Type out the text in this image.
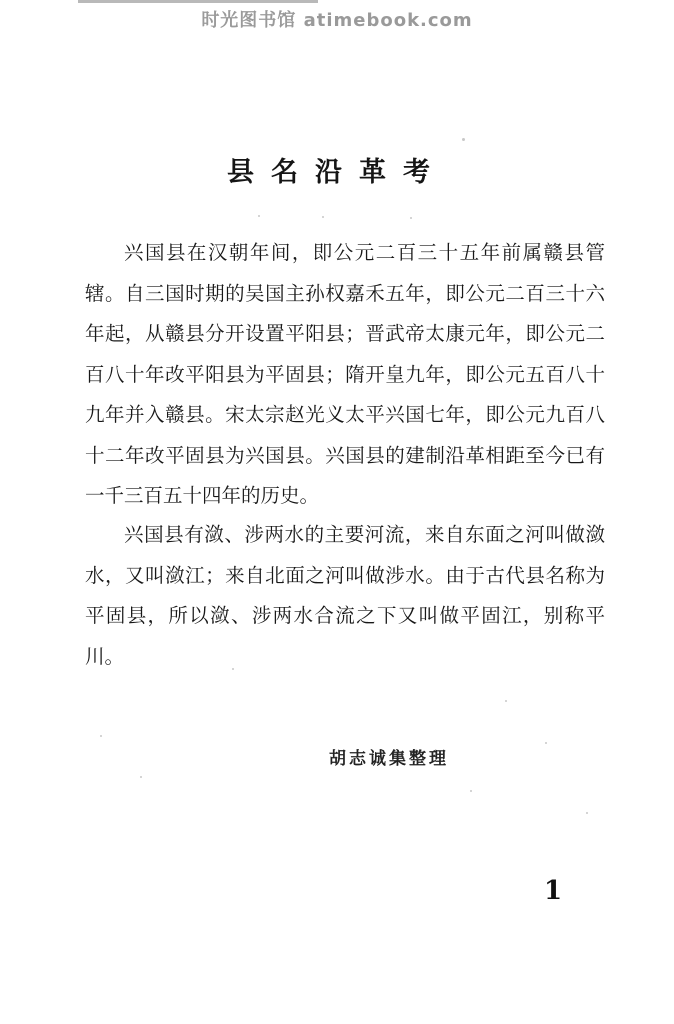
时光图书馆 atimebook.com
县名沿革考

兴国县在汉朝年间，即公元二百三十五年前属赣县管辖。自三国时期的吴国主孙权嘉禾五年，即公元二百三十六年起，从赣县分开设置平阳县；晋武帝太康元年，即公元二百八十年改平阳县为平固县；隋开皇九年，即公元五百八十九年并入赣县。宋太宗赵光义太平兴国七年，即公元九百八十二年改平固县为兴国县。兴国县的建制沿革相距至今已有一千三百五十四年的历史。

兴国县有潋、涉两水的主要河流，来自东面之河叫做潋水，又叫潋江；来自北面之河叫做涉水。由于古代县名称为平固县，所以潋、涉两水合流之下又叫做平固江，别称平川。

胡志诚集整理
1
